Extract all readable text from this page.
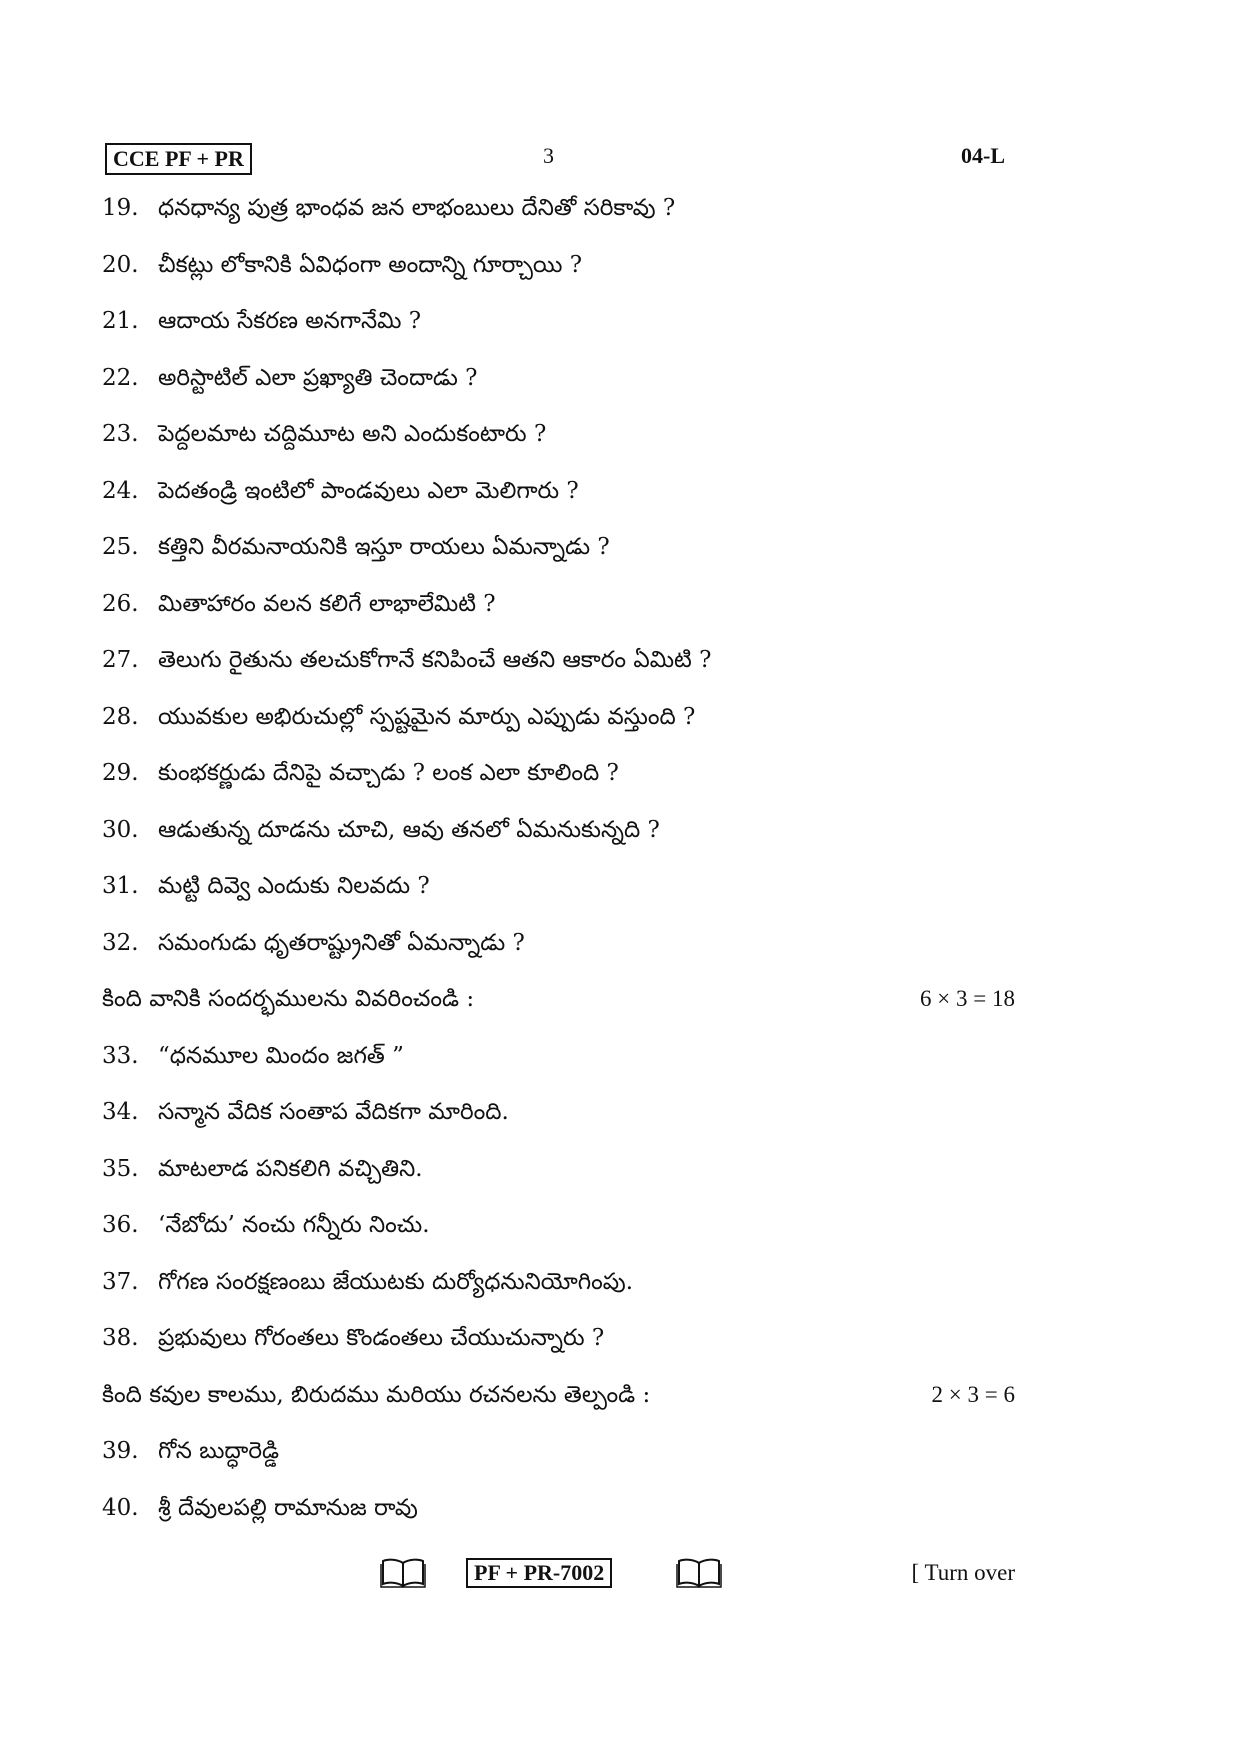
CCE PF + PR	3	04-L
19. ధనధాన్య పుత్ర భాంధవ జన లాభంబులు దేనితో సరికావు ?
20. చీకట్లు లోకానికి ఏవిధంగా అందాన్ని గూర్చాయి ?
21. ఆదాయ సేకరణ అనగానేమి ?
22. అరిస్టాటిల్ ఎలా ప్రఖ్యాతి చెందాడు ?
23. పెద్దలమాట చద్దిమూట అని ఎందుకంటారు ?
24. పెదతండ్రి ఇంటిలో పాండవులు ఎలా మెలిగారు ?
25. కత్తిని వీరమనాయనికి ఇస్తూ రాయలు ఏమన్నాడు ?
26. మితాహారం వలన కలిగే లాభాలేమిటి ?
27. తెలుగు రైతును తలచుకోగానే కనిపించే ఆతని ఆకారం ఏమిటి ?
28. యువకుల అభిరుచుల్లో స్పష్టమైన మార్పు ఎప్పుడు వస్తుంది ?
29. కుంభకర్ణుడు దేనిపై వచ్చాడు ? లంక ఎలా కూలింది ?
30. ఆడుతున్న దూడను చూచి, ఆవు తనలో ఏమనుకున్నది ?
31. మట్టి దివ్వె ఎందుకు నిలవదు ?
32. సమంగుడు ధృతరాష్ట్రునితో ఏమన్నాడు ?
కింది వానికి సందర్భములను వివరించండి :	6 × 3 = 18
33. “ధనమూల మిందం జగత్ ”
34. సన్మాన వేదిక సంతాప వేదికగా మారింది.
35. మాటలాడ పనికలిగి వచ్చితిని.
36. ‘నేబోదు’ నంచు గన్నీరు నించు.
37. గోగణ సంరక్షణంబు జేయుటకు దుర్యోధనునియోగింపు.
38. ప్రభువులు గోరంతలు కొండంతలు చేయుచున్నారు ?
కింది కవుల కాలము, బిరుదము మరియు రచనలను తెల్పండి :	2 × 3 = 6
39. గోన బుద్ధారెడ్డి
40. శ్రీ దేవులపల్లి రామానుజ రావు
PF + PR-7002	[ Turn over
